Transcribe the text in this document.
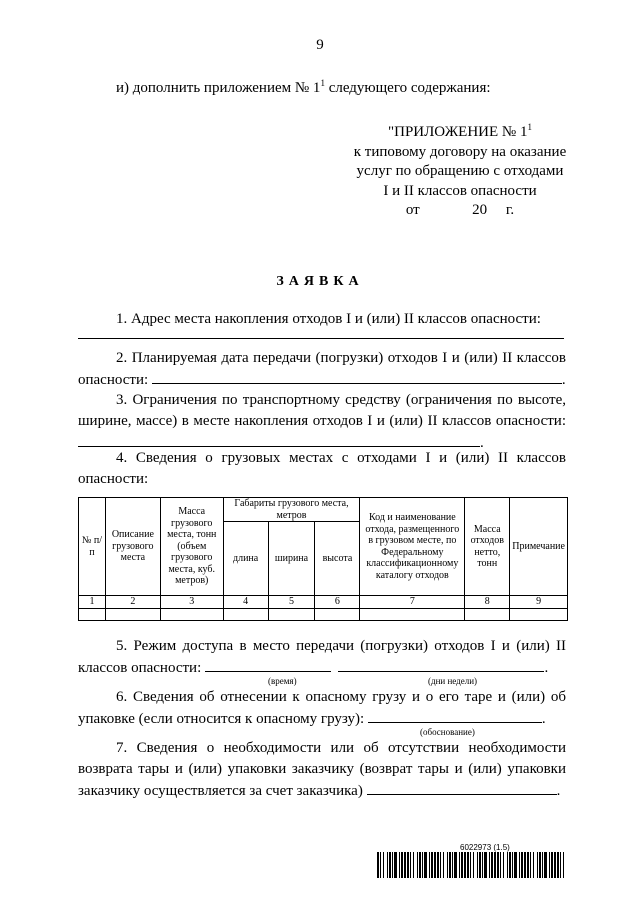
9
и) дополнить приложением № $1^1$ следующего содержания:
"ПРИЛОЖЕНИЕ № $1^1$
к типовому договору на оказание
услуг по обращению с отходами
I и II классов опасности
от              20     г.
ЗАЯВКА
1. Адрес места накопления отходов I и (или) II классов опасности:
2. Планируемая дата передачи (погрузки) отходов I и (или) II классов опасности:	.
3. Ограничения по транспортному средству (ограничения по высоте, ширине, массе) в месте накопления отходов I и (или) II классов опасности: .
4. Сведения о грузовых местах с отходами I и (или) II классов опасности:
№ п/п	Описание грузового места	Масса грузового места, тонн (объем грузового места, куб. метров)	Габариты грузового места, метров			Код и наименование отхода, размещенного в грузовом месте, по Федеральному классификационному каталогу отходов	Масса отходов нетто, тонн	Примечание
			длина	ширина	высота			
1	2	3	4	5	6	7	8	9

5. Режим доступа в место передачи (погрузки) отходов I и (или) II классов опасности:	.
(время)	(дни недели)
6. Сведения об отнесении к опасному грузу и о его таре и (или) об упаковке (если относится к опасному грузу):	.
(обоснование)
7. Сведения о необходимости или об отсутствии необходимости возврата тары и (или) упаковки заказчику (возврат тары и (или) упаковки заказчику осуществляется за счет заказчика)	.
6022973 (1.5)
